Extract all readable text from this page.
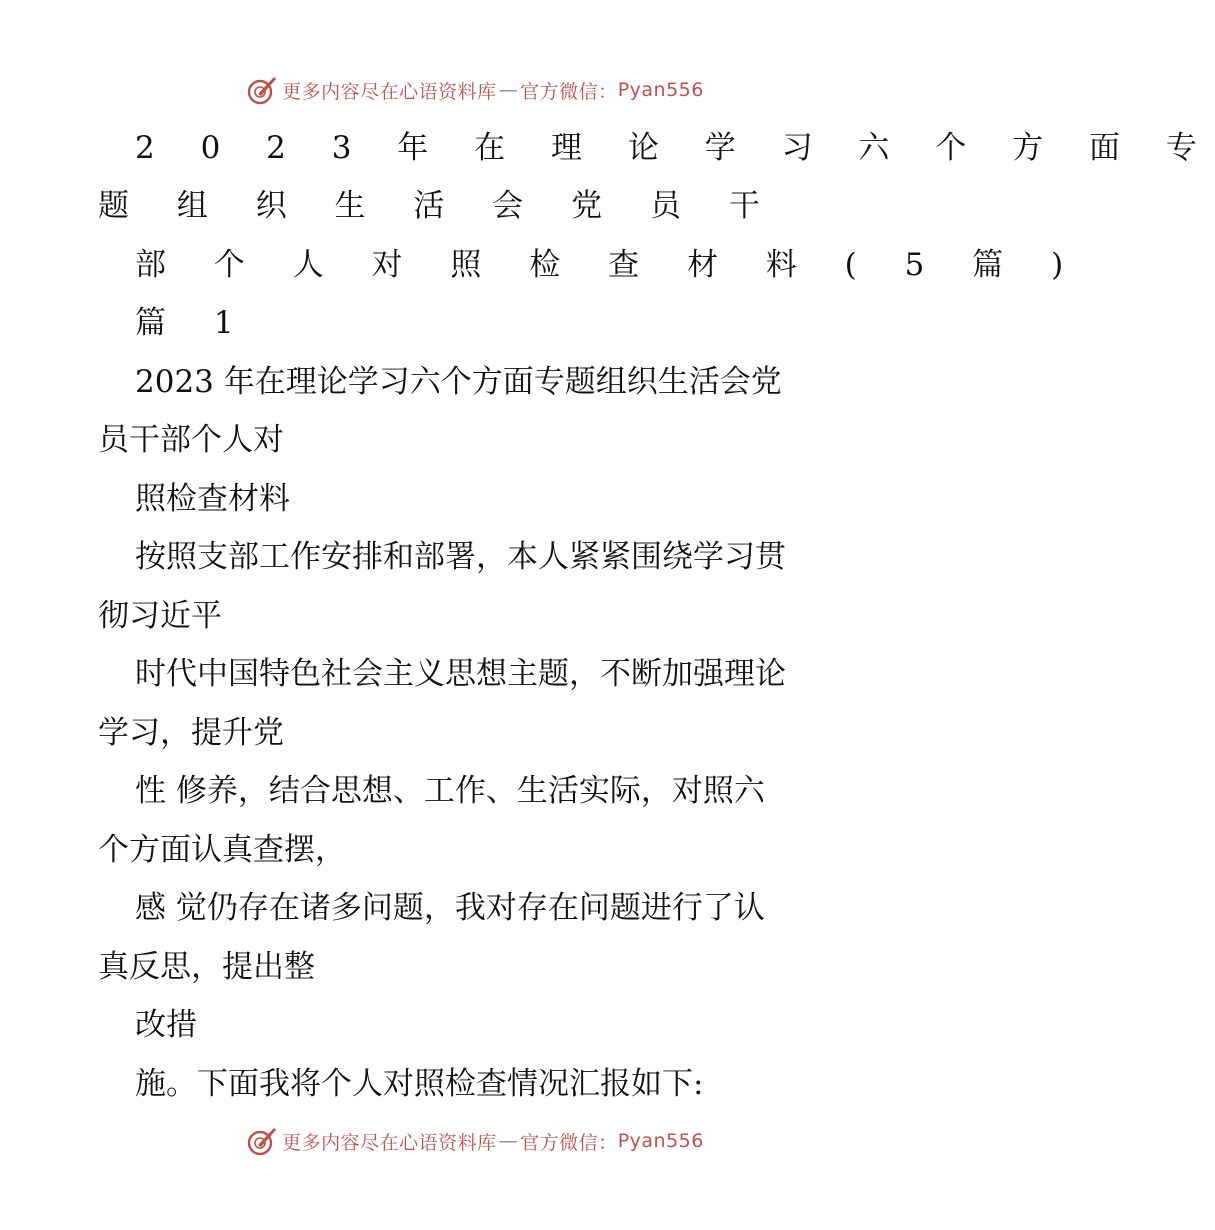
更多内容尽在心语资料库 — 官方微信： Pyan556
2 0 2 3 年 在 理 论 学 习 六 个 方 面 专
题 组 织 生 活 会 党 员 干
部 个 人 对 照 检 查 材 料 ( 5 篇 )
篇 1
2023 年在理论学习六个方面专题组织生活会党
员干部个人对
照检查材料
按照支部工作安排和部署，本人紧紧围绕学习贯
彻习近平
时代中国特色社会主义思想主题，不断加强理论
学习，提升党
性 修养，结合思想、工作、生活实际，对照六
个方面认真查摆，
感 觉仍存在诸多问题，我对存在问题进行了认
真反思，提出整
改措
施。下面我将个人对照检查情况汇报如下:
更多内容尽在心语资料库 — 官方微信： Pyan556
